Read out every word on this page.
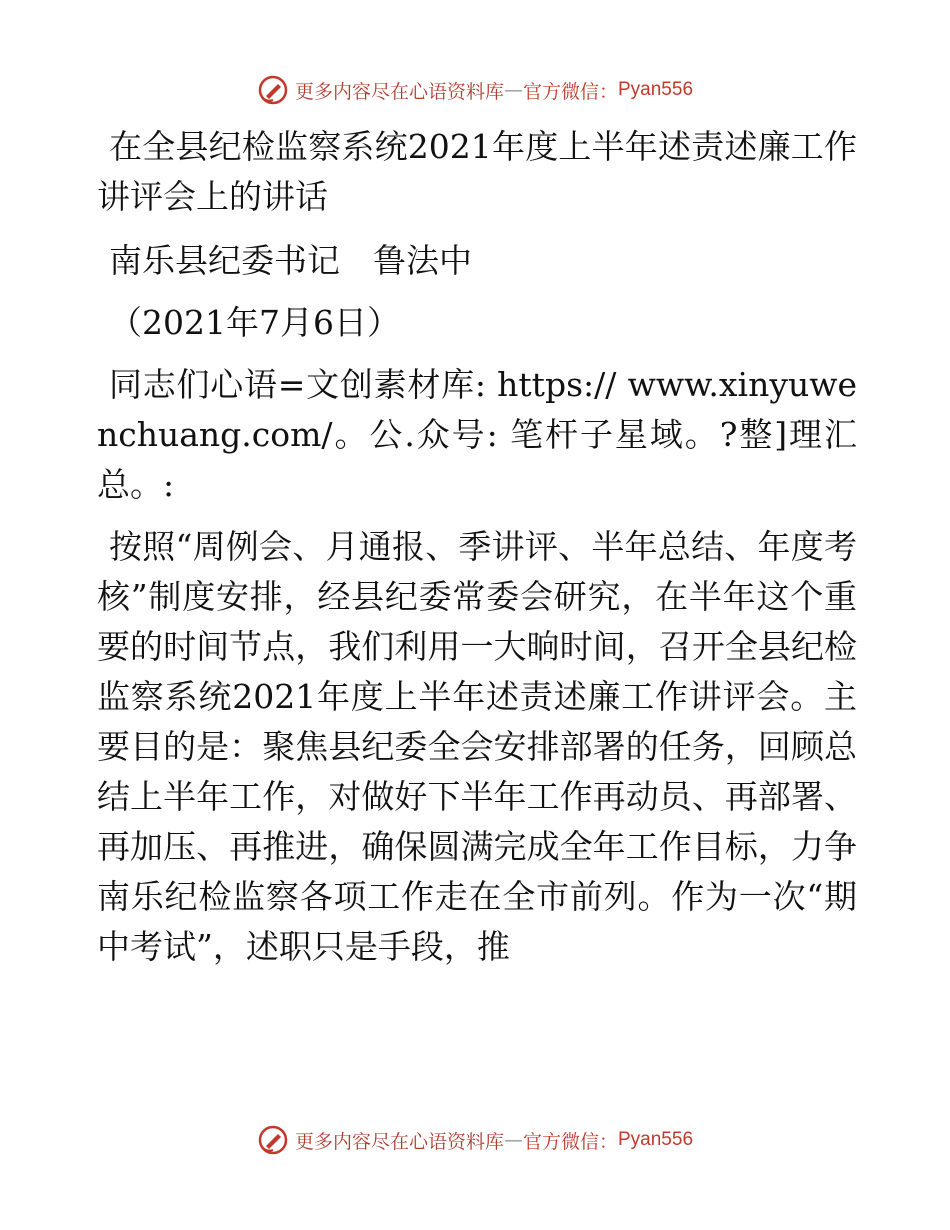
更多内容尽在心语资料库 — 官方微信： Pyan556

在全县纪检监察系统2021年度上半年述责述廉工作讲评会上的讲话

南乐县纪委书记　鲁法中

（2021年7月6日）

同志们心语=文创素材库: https:// www.xinyuwenchuang.com/。公.众号: 笔杆子星域。?整]理汇总。:

按照“周例会、月通报、季讲评、半年总结、年度考核”制度安排，经县纪委常委会研究，在半年这个重要的时间节点，我们利用一大晌时间，召开全县纪检监察系统2021年度上半年述责述廉工作讲评会。主要目的是：聚焦县纪委全会安排部署的任务，回顾总结上半年工作，对做好下半年工作再动员、再部署、再加压、再推进，确保圆满完成全年工作目标，力争南乐纪检监察各项工作走在全市前列。作为一次“期中考试”，述职只是手段，推

更多内容尽在心语资料库 — 官方微信： Pyan556
